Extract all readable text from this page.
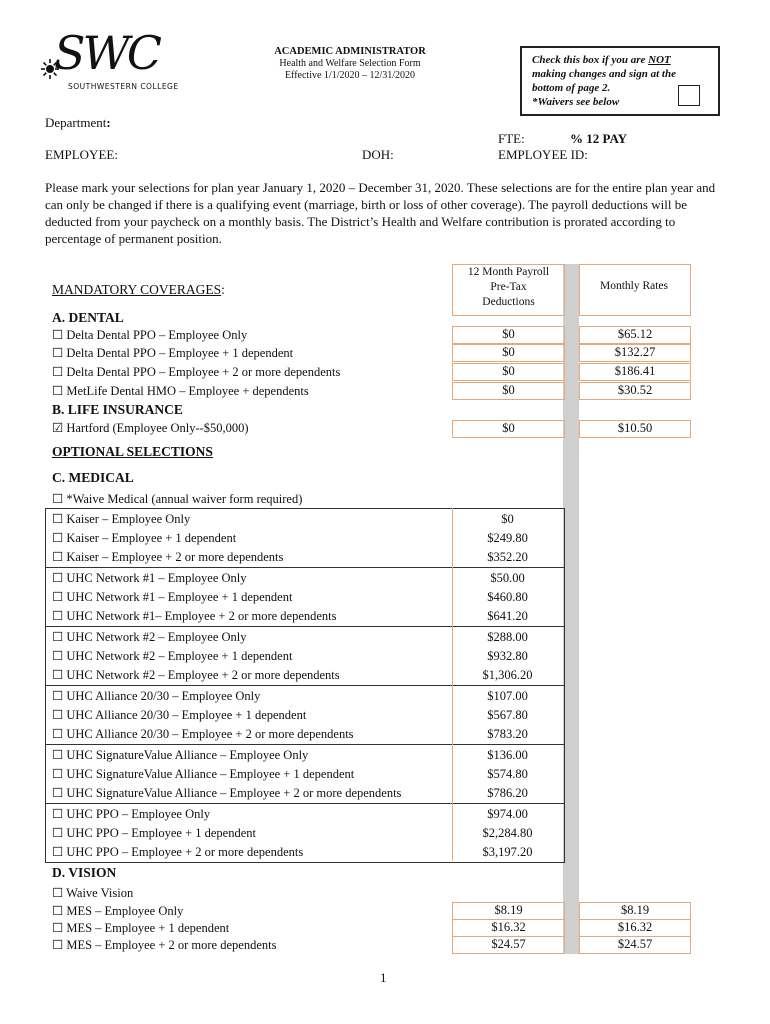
SWC
SOUTHWESTERN COLLEGE
ACADEMIC ADMINISTRATOR
Health and Welfare Selection Form
Effective 1/1/2020 – 12/31/2020
Check this box if you are NOT
making changes and sign at the
bottom of page 2.
*Waivers see below
Department:
FTE:	% 12 PAY
EMPLOYEE:	DOH:	EMPLOYEE ID:
Please mark your selections for plan year January 1, 2020 – December 31, 2020. These selections are for the entire plan year and can only be changed if there is a qualifying event (marriage, birth or loss of other coverage). The payroll deductions will be deducted from your paycheck on a monthly basis. The District’s Health and Welfare contribution is prorated according to percentage of permanent position.
12 Month Payroll
Pre-Tax
Deductions
Monthly Rates
MANDATORY COVERAGES:
A. DENTAL
☐ Delta Dental PPO – Employee Only	$0	$65.12
☐ Delta Dental PPO – Employee + 1 dependent	$0	$132.27
☐ Delta Dental PPO – Employee + 2 or more dependents	$0	$186.41
☐ MetLife Dental HMO – Employee + dependents	$0	$30.52
B. LIFE INSURANCE
☑ Hartford (Employee Only--$50,000)	$0	$10.50
OPTIONAL SELECTIONS
C. MEDICAL
☐ *Waive Medical (annual waiver form required)
☐ Kaiser – Employee Only	$0
☐ Kaiser – Employee + 1 dependent	$249.80
☐ Kaiser – Employee + 2 or more dependents	$352.20
☐ UHC Network #1 – Employee Only	$50.00
☐ UHC Network #1 – Employee + 1 dependent	$460.80
☐ UHC Network #1– Employee + 2 or more dependents	$641.20
☐ UHC Network #2 – Employee Only	$288.00
☐ UHC Network #2 – Employee + 1 dependent	$932.80
☐ UHC Network #2 – Employee + 2 or more dependents	$1,306.20
☐ UHC Alliance 20/30 – Employee Only	$107.00
☐ UHC Alliance 20/30 – Employee + 1 dependent	$567.80
☐ UHC Alliance 20/30 – Employee + 2 or more dependents	$783.20
☐ UHC SignatureValue Alliance – Employee Only	$136.00
☐ UHC SignatureValue Alliance – Employee + 1 dependent	$574.80
☐ UHC SignatureValue Alliance – Employee + 2 or more dependents	$786.20
☐ UHC PPO – Employee Only	$974.00
☐ UHC PPO – Employee + 1 dependent	$2,284.80
☐ UHC PPO – Employee + 2 or more dependents	$3,197.20
D. VISION
☐ Waive Vision
☐ MES – Employee Only	$8.19	$8.19
☐ MES – Employee + 1 dependent	$16.32	$16.32
☐ MES – Employee + 2 or more dependents	$24.57	$24.57
1
